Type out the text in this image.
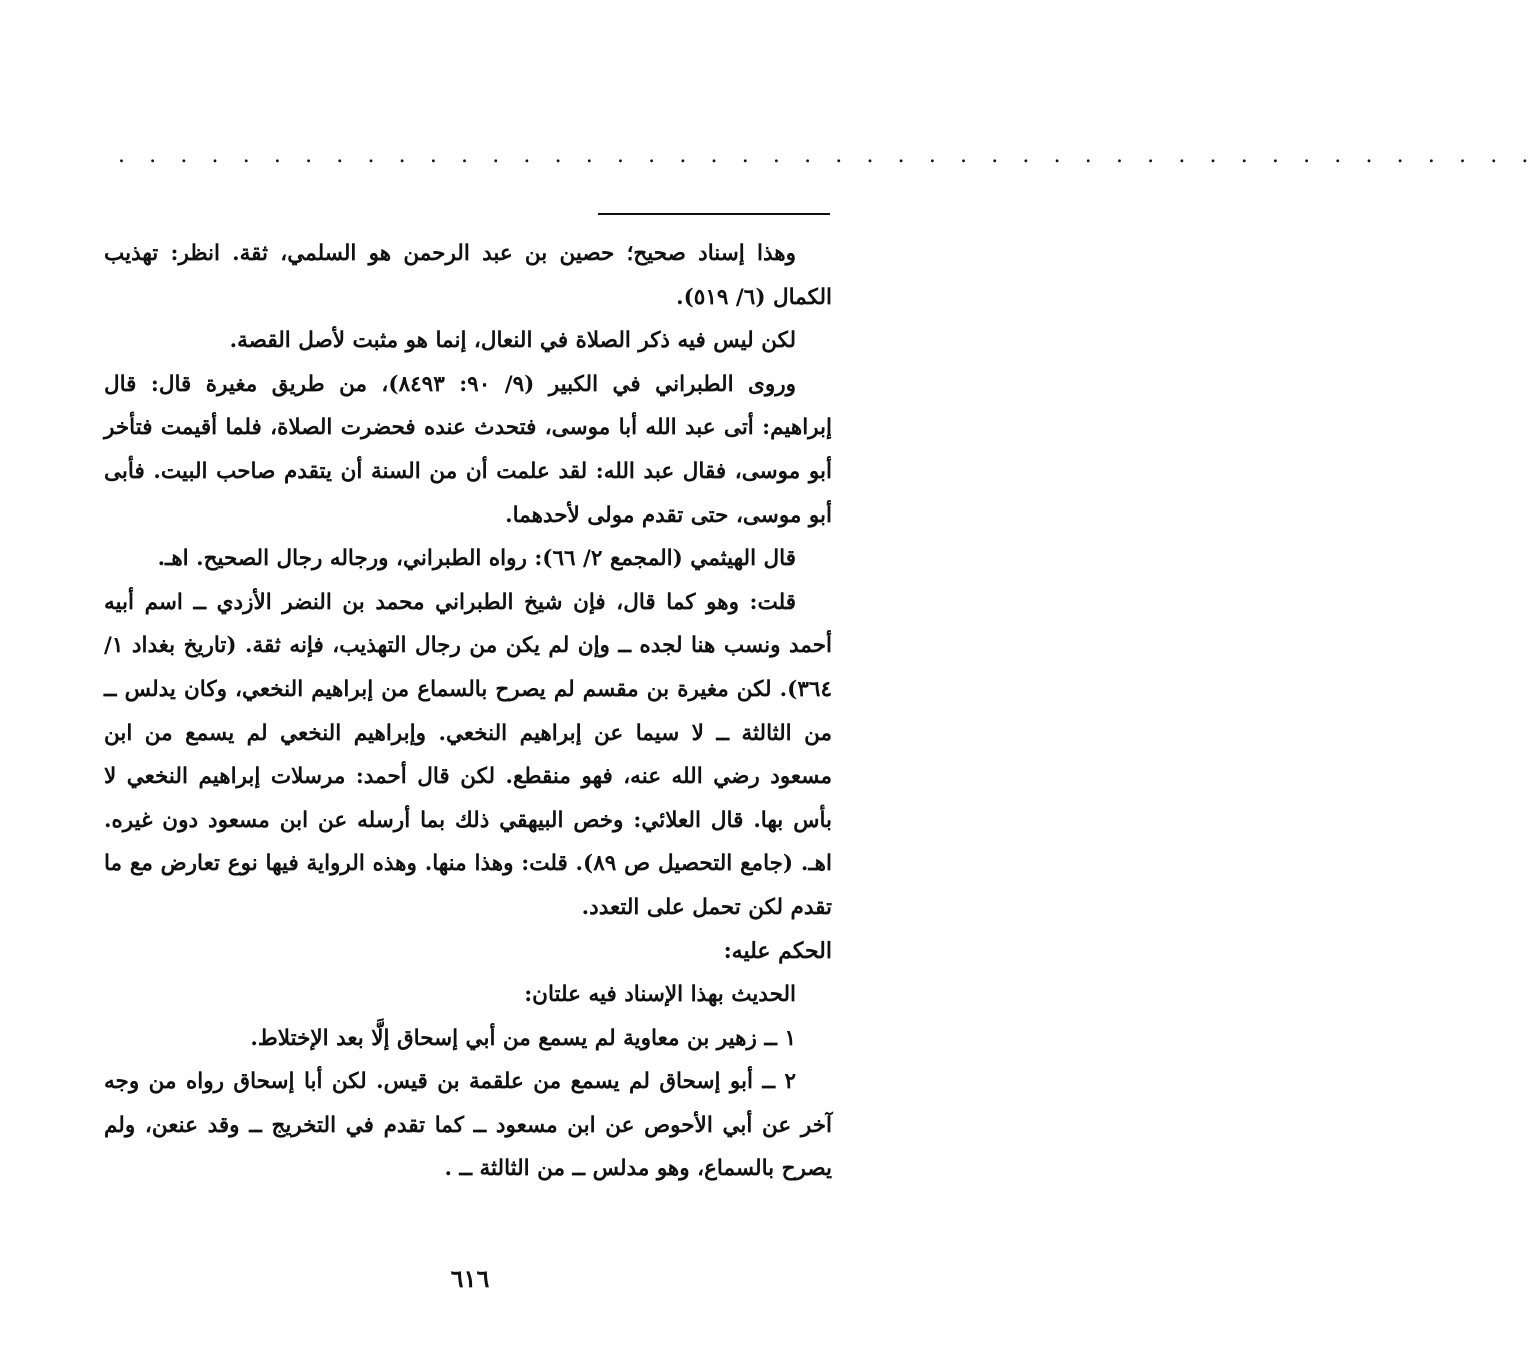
. . . . . . . . . . . . . . . . . . . . . . . . . . . . . . . . . . . . . . . . . . . . . .

وهذا إسناد صحيح؛ حصين بن عبد الرحمن هو السلمي، ثقة. انظر: تهذيب الكمال (٦/ ٥١٩).

لكن ليس فيه ذكر الصلاة في النعال، إنما هو مثبت لأصل القصة.

وروى الطبراني في الكبير (٩/ ٩٠: ٨٤٩٣)، من طريق مغيرة قال: قال إبراهيم: أتى عبد الله أبا موسى، فتحدث عنده فحضرت الصلاة، فلما أقيمت فتأخر أبو موسى، فقال عبد الله: لقد علمت أن من السنة أن يتقدم صاحب البيت. فأبى أبو موسى، حتى تقدم مولى لأحدهما.

قال الهيثمي (المجمع ٢/ ٦٦): رواه الطبراني، ورجاله رجال الصحيح. اهـ.

قلت: وهو كما قال، فإن شيخ الطبراني محمد بن النضر الأزدي ــ اسم أبيه أحمد ونسب هنا لجده ــ وإن لم يكن من رجال التهذيب، فإنه ثقة. (تاريخ بغداد ١/ ٣٦٤). لكن مغيرة بن مقسم لم يصرح بالسماع من إبراهيم النخعي، وكان يدلس ــ من الثالثة ــ لا سيما عن إبراهيم النخعي. وإبراهيم النخعي لم يسمع من ابن مسعود رضي الله عنه، فهو منقطع. لكن قال أحمد: مرسلات إبراهيم النخعي لا بأس بها. قال العلائي: وخص البيهقي ذلك بما أرسله عن ابن مسعود دون غيره. اهـ. (جامع التحصيل ص ٨٩). قلت: وهذا منها. وهذه الرواية فيها نوع تعارض مع ما تقدم لكن تحمل على التعدد.

الحكم عليه:

الحديث بهذا الإسناد فيه علتان:

١ ــ زهير بن معاوية لم يسمع من أبي إسحاق إلَّا بعد الإختلاط.

٢ ــ أبو إسحاق لم يسمع من علقمة بن قيس. لكن أبا إسحاق رواه من وجه آخر عن أبي الأحوص عن ابن مسعود ــ كما تقدم في التخريج ــ وقد عنعن، ولم يصرح بالسماع، وهو مدلس ــ من الثالثة ــ .

٦١٦
